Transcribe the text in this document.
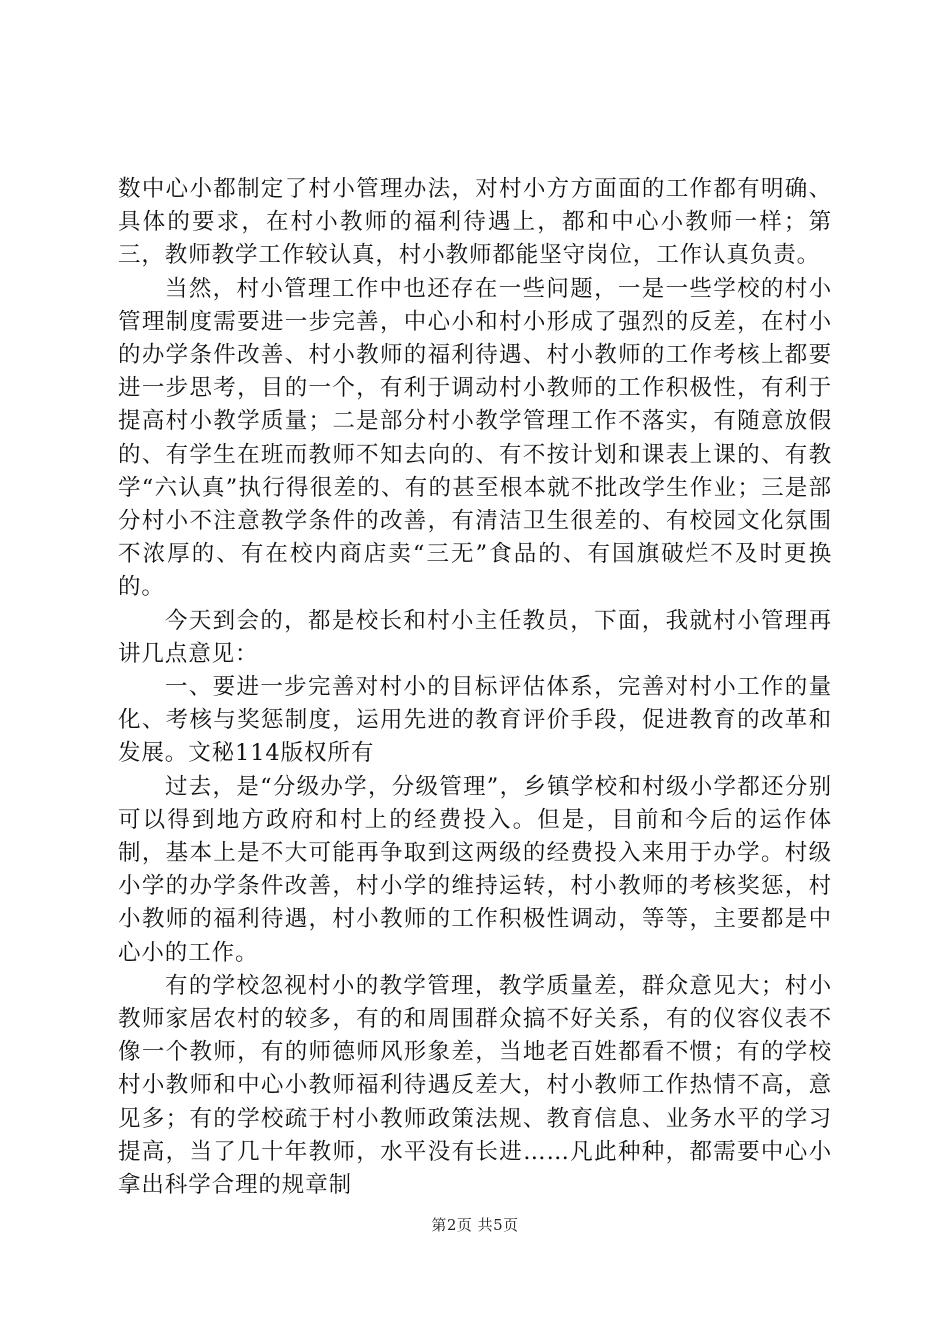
数中心小都制定了村小管理办法，对村小方方面面的工作都有明确、具体的要求，在村小教师的福利待遇上，都和中心小教师一样；第三，教师教学工作较认真，村小教师都能坚守岗位，工作认真负责。

当然，村小管理工作中也还存在一些问题，一是一些学校的村小管理制度需要进一步完善，中心小和村小形成了强烈的反差，在村小的办学条件改善、村小教师的福利待遇、村小教师的工作考核上都要进一步思考，目的一个，有利于调动村小教师的工作积极性，有利于提高村小教学质量；二是部分村小教学管理工作不落实，有随意放假的、有学生在班而教师不知去向的、有不按计划和课表上课的、有教学“六认真”执行得很差的、有的甚至根本就不批改学生作业；三是部分村小不注意教学条件的改善，有清洁卫生很差的、有校园文化氛围不浓厚的、有在校内商店卖“三无”食品的、有国旗破烂不及时更换的。

今天到会的，都是校长和村小主任教员，下面，我就村小管理再讲几点意见：

一、要进一步完善对村小的目标评估体系，完善对村小工作的量化、考核与奖惩制度，运用先进的教育评价手段，促进教育的改革和发展。文秘114版权所有

过去，是“分级办学，分级管理”，乡镇学校和村级小学都还分别可以得到地方政府和村上的经费投入。但是，目前和今后的运作体制，基本上是不大可能再争取到这两级的经费投入来用于办学。村级小学的办学条件改善，村小学的维持运转，村小教师的考核奖惩，村小教师的福利待遇，村小教师的工作积极性调动，等等，主要都是中心小的工作。

有的学校忽视村小的教学管理，教学质量差，群众意见大；村小教师家居农村的较多，有的和周围群众搞不好关系，有的仪容仪表不像一个教师，有的师德师风形象差，当地老百姓都看不惯；有的学校村小教师和中心小教师福利待遇反差大，村小教师工作热情不高，意见多；有的学校疏于村小教师政策法规、教育信息、业务水平的学习提高，当了几十年教师，水平没有长进……凡此种种，都需要中心小拿出科学合理的规章制

第2页 共5页
